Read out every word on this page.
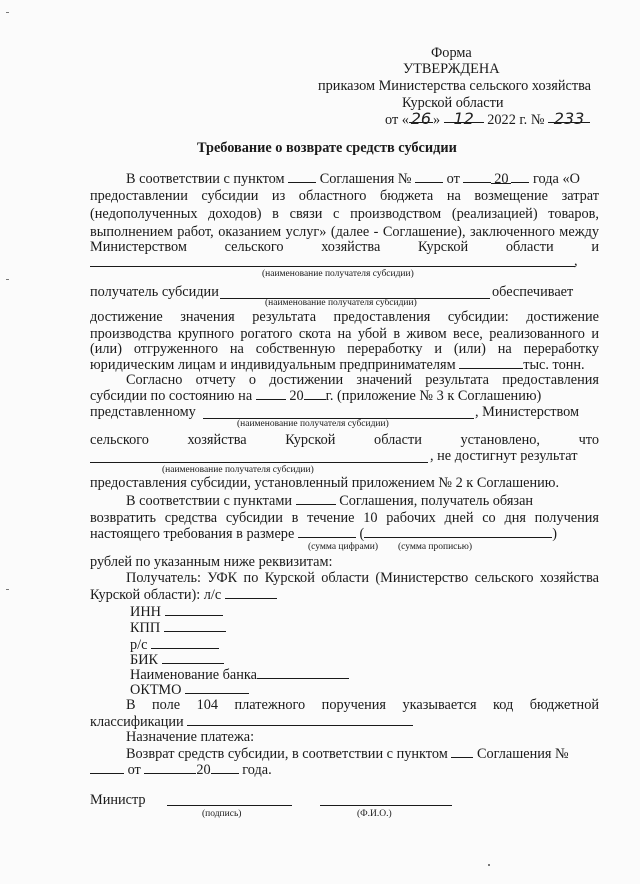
Форма
УТВЕРЖДЕНА
приказом Министерства сельского хозяйства
Курской области
от « 26 » 12 2022 г. № 233
Требование о возврате средств субсидии
В соответствии с пунктом Соглашения № от 20 года «О
предоставлении субсидии из областного бюджета на возмещение затрат
(недополученных доходов) в связи с производством (реализацией) товаров,
выполнением работ, оказанием услуг» (далее - Соглашение), заключенного между
Министерством сельского хозяйства Курской области и
,
(наименование получателя субсидии)
получатель субсидии	обеспечивает
(наименование получателя субсидии)
достижение значения результата предоставления субсидии: достижение
производства крупного рогатого скота на убой в живом весе, реализованного и
(или) отгруженного на собственную переработку и (или) на переработку
юридическим лицам и индивидуальным предпринимателям	тыс. тонн.
Согласно отчету о достижении значений результата предоставления
субсидии по состоянию на	20 г. (приложение № 3 к Соглашению)
представленному	, Министерством
(наименование получателя субсидии)
сельского хозяйства Курской области установлено, что
, не достигнут результат
(наименование получателя субсидии)
предоставления субсидии, установленный приложением № 2 к Соглашению.
В соответствии с пунктами	Соглашения, получатель обязан
возвратить средства субсидии в течение 10 рабочих дней со дня получения
настоящего требования в размере	(	)
(сумма цифрами) (сумма прописью)
рублей по указанным ниже реквизитам:
Получатель: УФК по Курской области (Министерство сельского хозяйства
Курской области): л/с
ИНН
КПП
р/с
БИК
Наименование банка
ОКТМО
В поле 104 платежного поручения указывается код бюджетной
классификации
Назначение платежа:
Возврат средств субсидии, в соответствии с пунктом Соглашения №
от	20 года.
Министр
(подпись)	(Ф.И.О.)
